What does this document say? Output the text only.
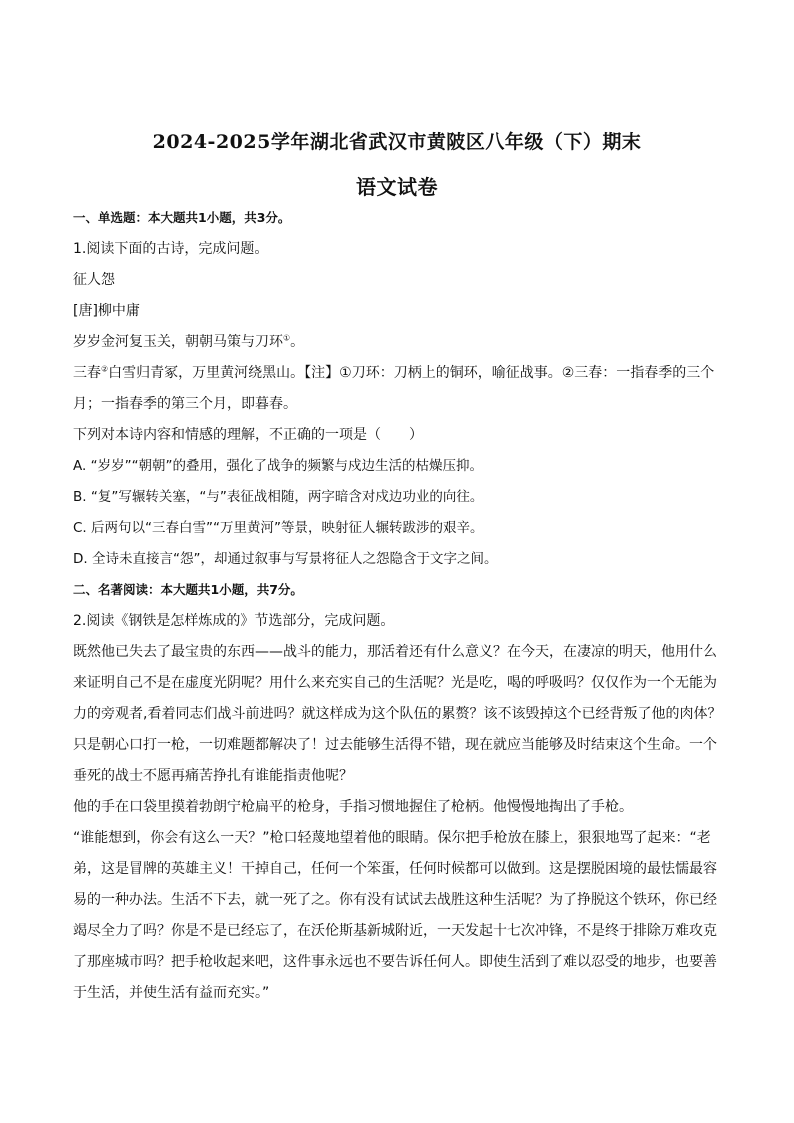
2024-2025学年湖北省武汉市黄陂区八年级（下）期末
语文试卷
一、单选题：本大题共1小题，共3分。
1.阅读下面的古诗，完成问题。
征人怨
[唐]柳中庸
岁岁金河复玉关，朝朝马策与刀环①。
三春②白雪归青冢，万里黄河绕黑山。【注】①刀环：刀柄上的铜环，喻征战事。②三春：一指春季的三个
月；一指春季的第三个月，即暮春。
下列对本诗内容和情感的理解，不正确的一项是（　　）
A. “岁岁”“朝朝”的叠用，强化了战争的频繁与戍边生活的枯燥压抑。
B. “复”写辗转关塞，“与”表征战相随，两字暗含对戍边功业的向往。
C. 后两句以“三春白雪”“万里黄河”等景，映射征人辗转跋涉的艰辛。
D. 全诗未直接言“怨”，却通过叙事与写景将征人之怨隐含于文字之间。
二、名著阅读：本大题共1小题，共7分。
2.阅读《钢铁是怎样炼成的》节选部分，完成问题。
既然他已失去了最宝贵的东西——战斗的能力，那活着还有什么意义？在今天，在凄凉的明天，他用什么
来证明自己不是在虚度光阴呢？用什么来充实自己的生活呢？光是吃，喝的呼吸吗？仅仅作为一个无能为
力的旁观者,看着同志们战斗前进吗？就这样成为这个队伍的累赘？该不该毁掉这个已经背叛了他的肉体？
只是朝心口打一枪，一切难题都解决了！过去能够生活得不错，现在就应当能够及时结束这个生命。一个
垂死的战士不愿再痛苦挣扎有谁能指责他呢？
他的手在口袋里摸着勃朗宁枪扁平的枪身，手指习惯地握住了枪柄。他慢慢地掏出了手枪。
“谁能想到，你会有这么一天？”枪口轻蔑地望着他的眼睛。保尔把手枪放在膝上，狠狠地骂了起来：“老
弟，这是冒牌的英雄主义！干掉自己，任何一个笨蛋，任何时候都可以做到。这是摆脱困境的最怯懦最容
易的一种办法。生活不下去，就一死了之。你有没有试试去战胜这种生活呢？为了挣脱这个铁环，你已经
竭尽全力了吗？你是不是已经忘了，在沃伦斯基新城附近，一天发起十七次冲锋，不是终于排除万难攻克
了那座城市吗？把手枪收起来吧，这件事永远也不要告诉任何人。即使生活到了难以忍受的地步，也要善
于生活，并使生活有益而充实。”
